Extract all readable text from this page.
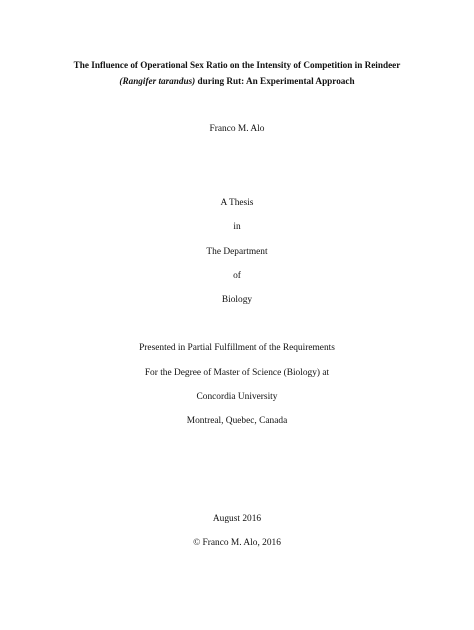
The Influence of Operational Sex Ratio on the Intensity of Competition in Reindeer
(Rangifer tarandus) during Rut: An Experimental Approach
Franco M. Alo
A Thesis
in
The Department
of
Biology
Presented in Partial Fulfillment of the Requirements
For the Degree of Master of Science (Biology) at
Concordia University
Montreal, Quebec, Canada
August 2016
© Franco M. Alo, 2016
